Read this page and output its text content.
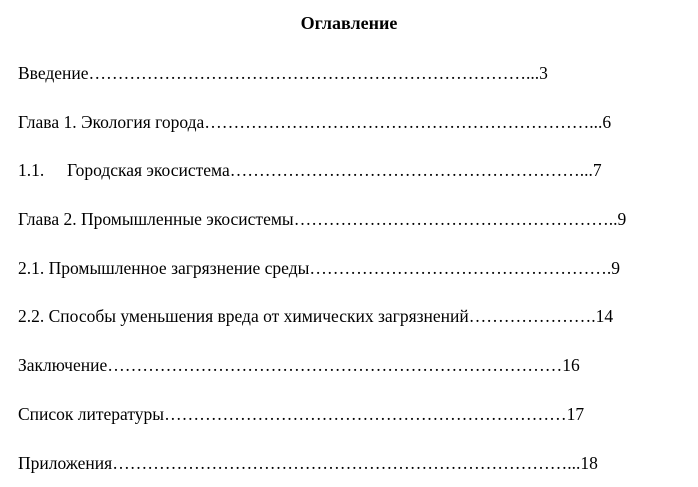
Оглавление
Введение…………………………………………………………………...3
Глава 1. Экология города…………………………………………………………...6
1.1. Городская экосистема……………………………………………………...7
Глава 2. Промышленные экосистемы………………………………………………..9
2.1. Промышленное загрязнение среды…………………………………………….9
2.2. Способы уменьшения вреда от химических загрязнений………………….14
Заключение……………………………………………………………………16
Список литературы……………………………………………………………17
Приложения……………………………………………………………………...18
